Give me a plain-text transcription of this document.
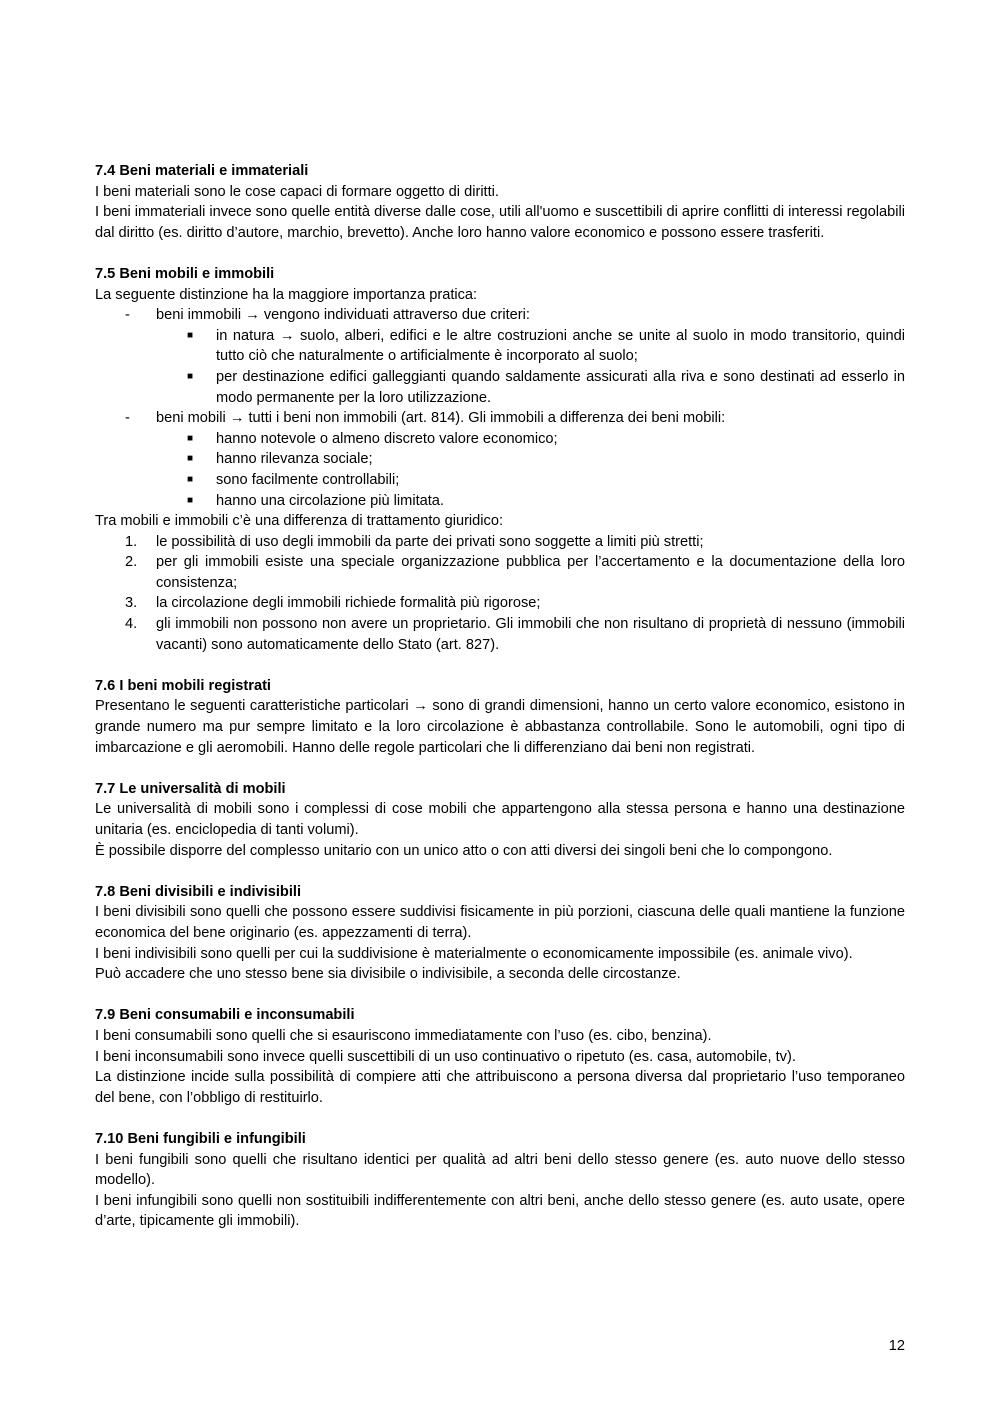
7.4 Beni materiali e immateriali

I beni materiali sono le cose capaci di formare oggetto di diritti.

I beni immateriali invece sono quelle entità diverse dalle cose, utili all'uomo e suscettibili di aprire conflitti di interessi regolabili dal diritto (es. diritto d’autore, marchio, brevetto). Anche loro hanno valore economico e possono essere trasferiti.

7.5 Beni mobili e immobili

La seguente distinzione ha la maggiore importanza pratica:

- beni immobili → vengono individuati attraverso due criteri:
■ in natura → suolo, alberi, edifici e le altre costruzioni anche se unite al suolo in modo transitorio, quindi tutto ciò che naturalmente o artificialmente è incorporato al suolo;
■ per destinazione edifici galleggianti quando saldamente assicurati alla riva e sono destinati ad esserlo in modo permanente per la loro utilizzazione.
- beni mobili → tutti i beni non immobili (art. 814). Gli immobili a differenza dei beni mobili:
■ hanno notevole o almeno discreto valore economico;
■ hanno rilevanza sociale;
■ sono facilmente controllabili;
■ hanno una circolazione più limitata.

Tra mobili e immobili c’è una differenza di trattamento giuridico:

1. le possibilità di uso degli immobili da parte dei privati sono soggette a limiti più stretti;
2. per gli immobili esiste una speciale organizzazione pubblica per l’accertamento e la documentazione della loro consistenza;
3. la circolazione degli immobili richiede formalità più rigorose;
4. gli immobili non possono non avere un proprietario. Gli immobili che non risultano di proprietà di nessuno (immobili vacanti) sono automaticamente dello Stato (art. 827).

7.6 I beni mobili registrati

Presentano le seguenti caratteristiche particolari → sono di grandi dimensioni, hanno un certo valore economico, esistono in grande numero ma pur sempre limitato e la loro circolazione è abbastanza controllabile. Sono le automobili, ogni tipo di imbarcazione e gli aeromobili. Hanno delle regole particolari che li differenziano dai beni non registrati.

7.7 Le universalità di mobili

Le universalità di mobili sono i complessi di cose mobili che appartengono alla stessa persona e hanno una destinazione unitaria (es. enciclopedia di tanti volumi).

È possibile disporre del complesso unitario con un unico atto o con atti diversi dei singoli beni che lo compongono.

7.8 Beni divisibili e indivisibili

I beni divisibili sono quelli che possono essere suddivisi fisicamente in più porzioni, ciascuna delle quali mantiene la funzione economica del bene originario (es. appezzamenti di terra).

I beni indivisibili sono quelli per cui la suddivisione è materialmente o economicamente impossibile (es. animale vivo).

Può accadere che uno stesso bene sia divisibile o indivisibile, a seconda delle circostanze.

7.9 Beni consumabili e inconsumabili

I beni consumabili sono quelli che si esauriscono immediatamente con l’uso (es. cibo, benzina).

I beni inconsumabili sono invece quelli suscettibili di un uso continuativo o ripetuto (es. casa, automobile, tv).

La distinzione incide sulla possibilità di compiere atti che attribuiscono a persona diversa dal proprietario l’uso temporaneo del bene, con l’obbligo di restituirlo.

7.10 Beni fungibili e infungibili

I beni fungibili sono quelli che risultano identici per qualità ad altri beni dello stesso genere (es. auto nuove dello stesso modello).

I beni infungibili sono quelli non sostituibili indifferentemente con altri beni, anche dello stesso genere (es. auto usate, opere d’arte, tipicamente gli immobili).

12
